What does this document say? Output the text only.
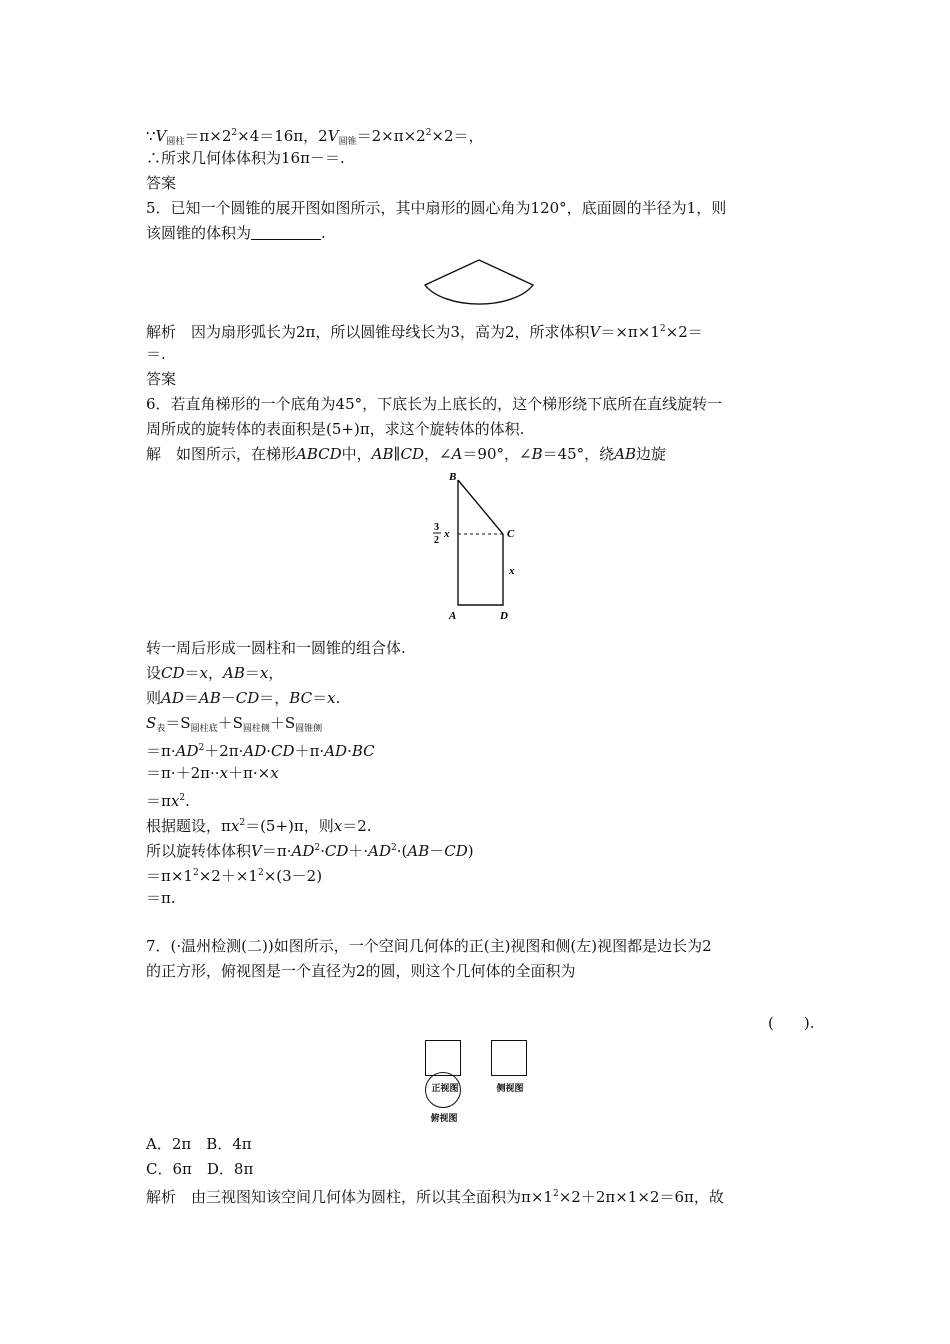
$\because V_{圆柱}=\pi\times 2^2\times 4=16\pi$，$2V_{圆锥}=2\times\pi\times 2^2\times 2=$，
∴所求几何体体积为16π－＝.
答案
5．已知一个圆锥的展开图如图所示，其中扇形的圆心角为120°，底面圆的半径为1，则
该圆锥的体积为	.
解析　因为扇形弧长为2π，所以圆锥母线长为3，高为2，所求体积$V=\times\pi\times 1^2\times 2=$
＝.
答案
6．若直角梯形的一个底角为45°，下底长为上底长的，这个梯形绕下底所在直线旋转一
周所成的旋转体的表面积是(5+)π，求这个旋转体的体积.
解　如图所示，在梯形ABCD中，AB∥CD，∠A＝90°，∠B＝45°，绕AB边旋
B
C
A	D
3
2
x
x
转一周后形成一圆柱和一圆锥的组合体.
设CD＝x，AB＝x，
则AD＝AB－CD＝，BC＝x.
$S_表=S_{圆柱底}+S_{圆柱侧}+S_{圆锥侧}$
$=\pi\cdot AD^2+2\pi\cdot AD\cdot CD+\pi\cdot AD\cdot BC$
＝π·＋2π··x＋π·×x
$=\pi x^2$.
根据题设，$\pi x^2=(5+)\pi$，则x＝2.
所以旋转体体积$V=\pi\cdot AD^2\cdot CD+\cdot AD^2\cdot(AB-CD)$
$=\pi\times 1^2\times 2+\times 1^2\times(3-2)$
＝π.
7．(·温州检测(二))如图所示，一个空间几何体的正(主)视图和侧(左)视图都是边长为2
的正方形，俯视图是一个直径为2的圆，则这个几何体的全面积为
(　　).
正视图	侧视图
俯视图
A．2π　B．4π
C．6π　D．8π
解析　由三视图知该空间几何体为圆柱，所以其全面积为$\pi\times 1^2\times 2+2\pi\times 1\times 2=6\pi$，故
